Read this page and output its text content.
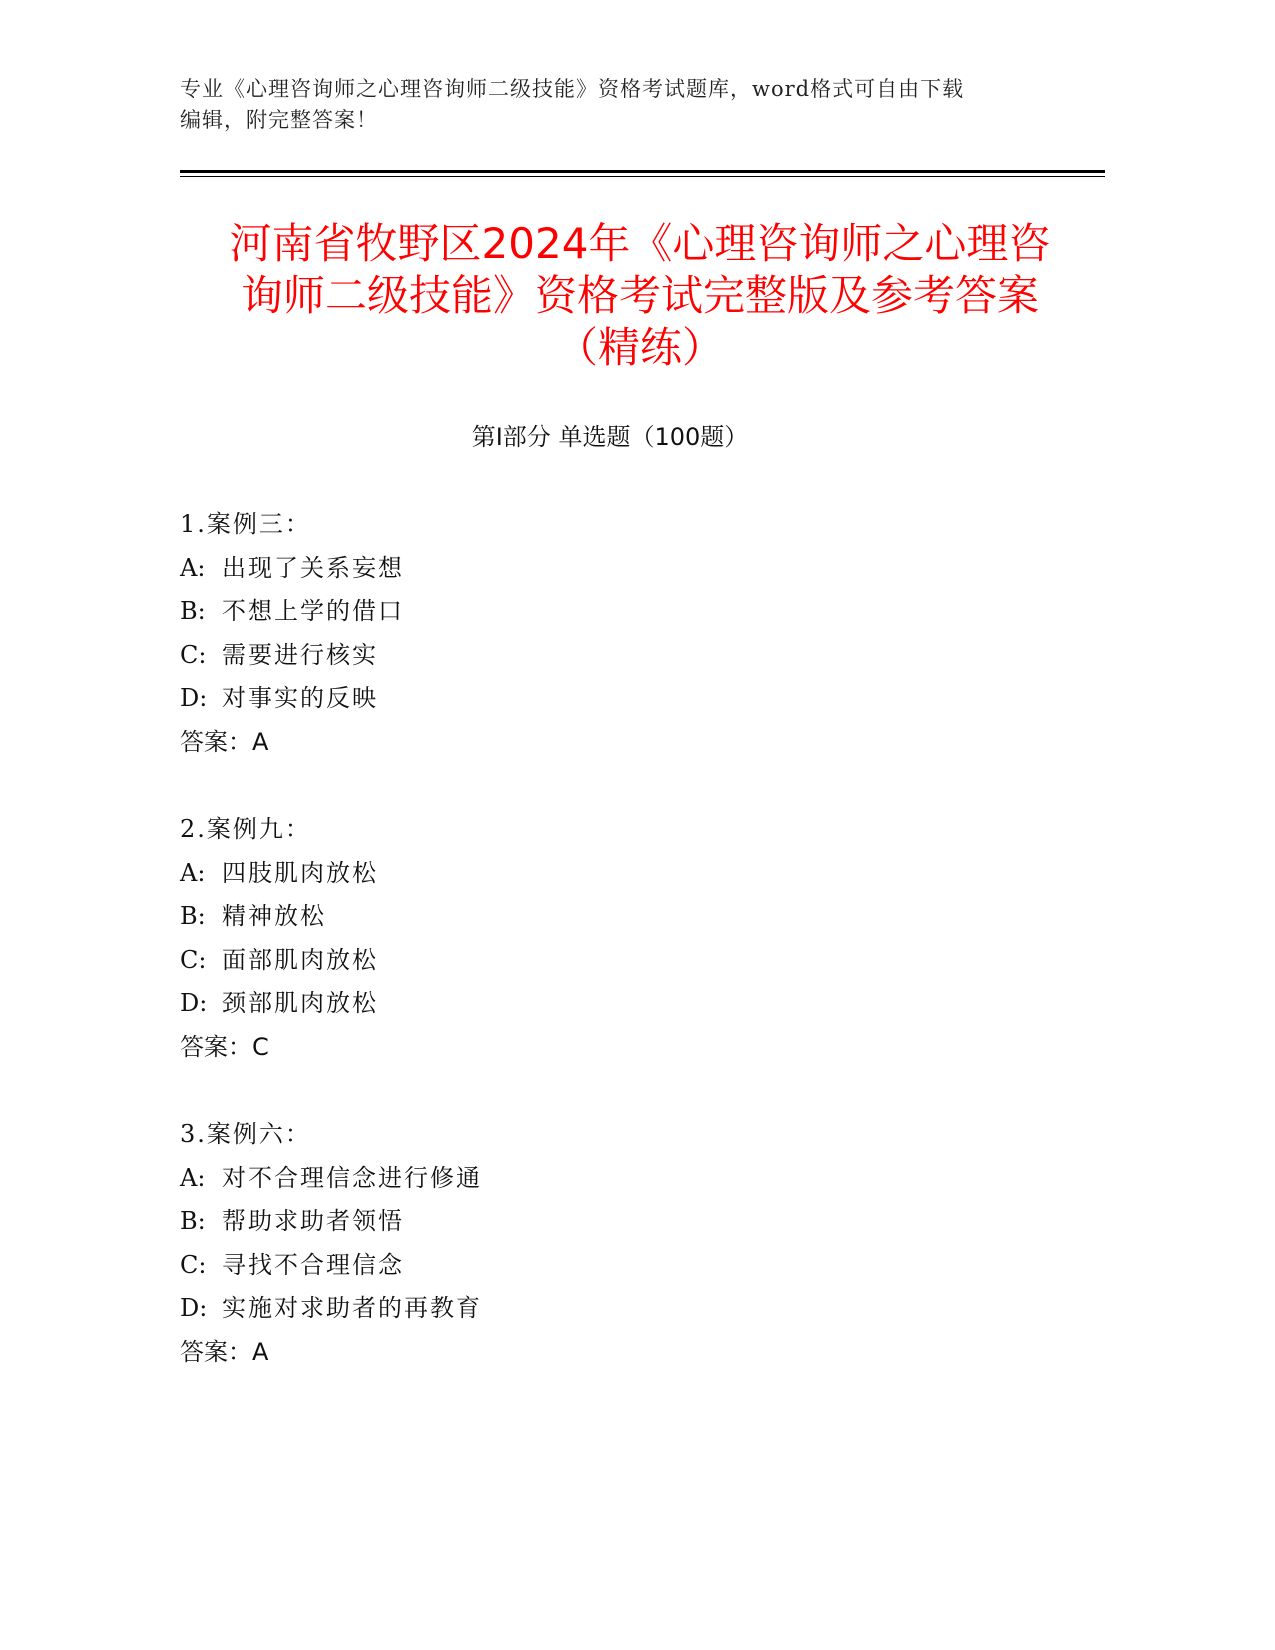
专业《心理咨询师之心理咨询师二级技能》资格考试题库，word格式可自由下载
编辑，附完整答案！
河南省牧野区2024年《心理咨询师之心理咨
询师二级技能》资格考试完整版及参考答案
（精练）
第Ⅰ部分 单选题（100题）
1.案例三：
A: 出现了关系妄想
B: 不想上学的借口
C: 需要进行核实
D: 对事实的反映
答案：A
2.案例九：
A: 四肢肌肉放松
B: 精神放松
C: 面部肌肉放松
D: 颈部肌肉放松
答案：C
3.案例六：
A: 对不合理信念进行修通
B: 帮助求助者领悟
C: 寻找不合理信念
D: 实施对求助者的再教育
答案：A
